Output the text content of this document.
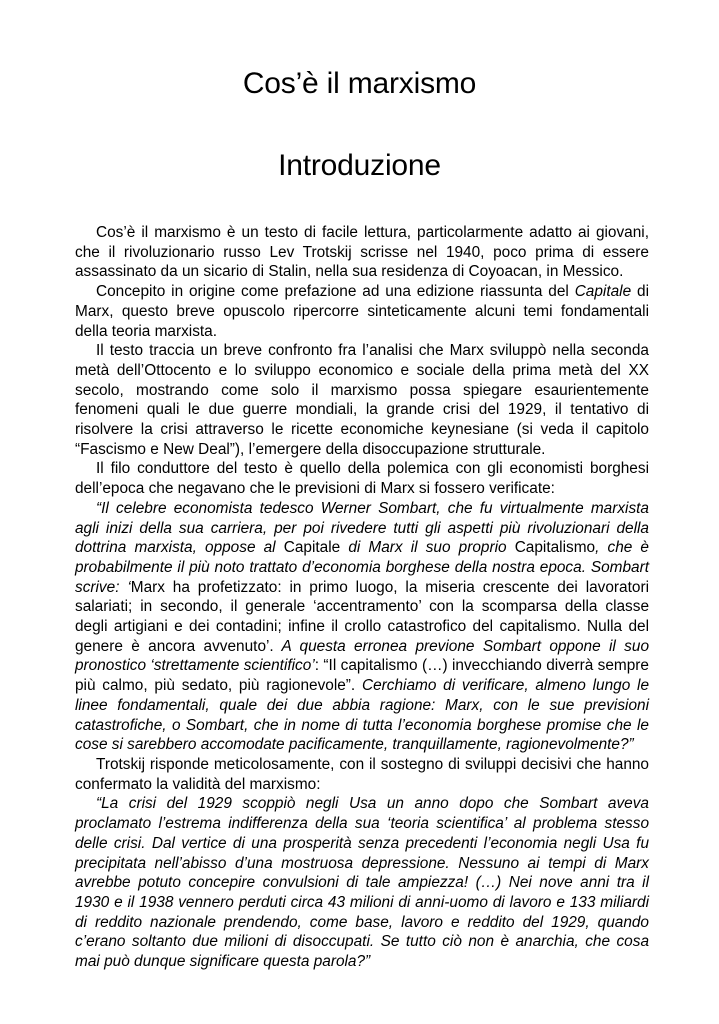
Cos’è il marxismo
Introduzione

Cos’è il marxismo è un testo di facile lettura, particolarmente adatto ai giovani, che il rivoluzionario russo Lev Trotskij scrisse nel 1940, poco prima di essere assassinato da un sicario di Stalin, nella sua residenza di Coyoacan, in Messico.

Concepito in origine come prefazione ad una edizione riassunta del Capitale di Marx, questo breve opuscolo ripercorre sinteticamente alcuni temi fondamentali della teoria marxista.

Il testo traccia un breve confronto fra l’analisi che Marx sviluppò nella seconda metà dell’Ottocento e lo sviluppo economico e sociale della prima metà del XX secolo, mostrando come solo il marxismo possa spiegare esaurientemente fenomeni quali le due guerre mondiali, la grande crisi del 1929, il tentativo di risolvere la crisi attraverso le ricette economiche keynesiane (si veda il capitolo “Fascismo e New Deal”), l’emergere della disoccupazione strutturale.

Il filo conduttore del testo è quello della polemica con gli economisti borghesi dell’epoca che negavano che le previsioni di Marx si fossero verificate:

“Il celebre economista tedesco Werner Sombart, che fu virtualmente marxista agli inizi della sua carriera, per poi rivedere tutti gli aspetti più rivoluzionari della dottrina marxista, oppose al Capitale di Marx il suo proprio Capitalismo, che è probabilmente il più noto trattato d’economia borghese della nostra epoca. Sombart scrive: ‘Marx ha profetizzato: in primo luogo, la miseria crescente dei lavoratori salariati; in secondo, il generale ‘accentramento’ con la scomparsa della classe degli artigiani e dei contadini; infine il crollo catastrofico del capitalismo. Nulla del genere è ancora avvenuto’. A questa erronea previone Sombart oppone il suo pronostico ‘strettamente scientifico’: “Il capitalismo (…) invecchiando diverrà sempre più calmo, più sedato, più ragionevole”. Cerchiamo di verificare, almeno lungo le linee fondamentali, quale dei due abbia ragione: Marx, con le sue previsioni catastrofiche, o Sombart, che in nome di tutta l’economia borghese promise che le cose si sarebbero accomodate pacificamente, tranquillamente, ragionevolmente?”

Trotskij risponde meticolosamente, con il sostegno di sviluppi decisivi che hanno confermato la validità del marxismo:

“La crisi del 1929 scoppiò negli Usa un anno dopo che Sombart aveva proclamato l’estrema indifferenza della sua ‘teoria scientifica’ al problema stesso delle crisi. Dal vertice di una prosperità senza precedenti l’economia negli Usa fu precipitata nell’abisso d’una mostruosa depressione. Nessuno ai tempi di Marx avrebbe potuto concepire convulsioni di tale ampiezza! (…) Nei nove anni tra il 1930 e il 1938 vennero perduti circa 43 milioni di anni-uomo di lavoro e 133 miliardi di reddito nazionale prendendo, come base, lavoro e reddito del 1929, quando c’erano soltanto due milioni di disoccupati. Se tutto ciò non è anarchia, che cosa mai può dunque significare questa parola?”
